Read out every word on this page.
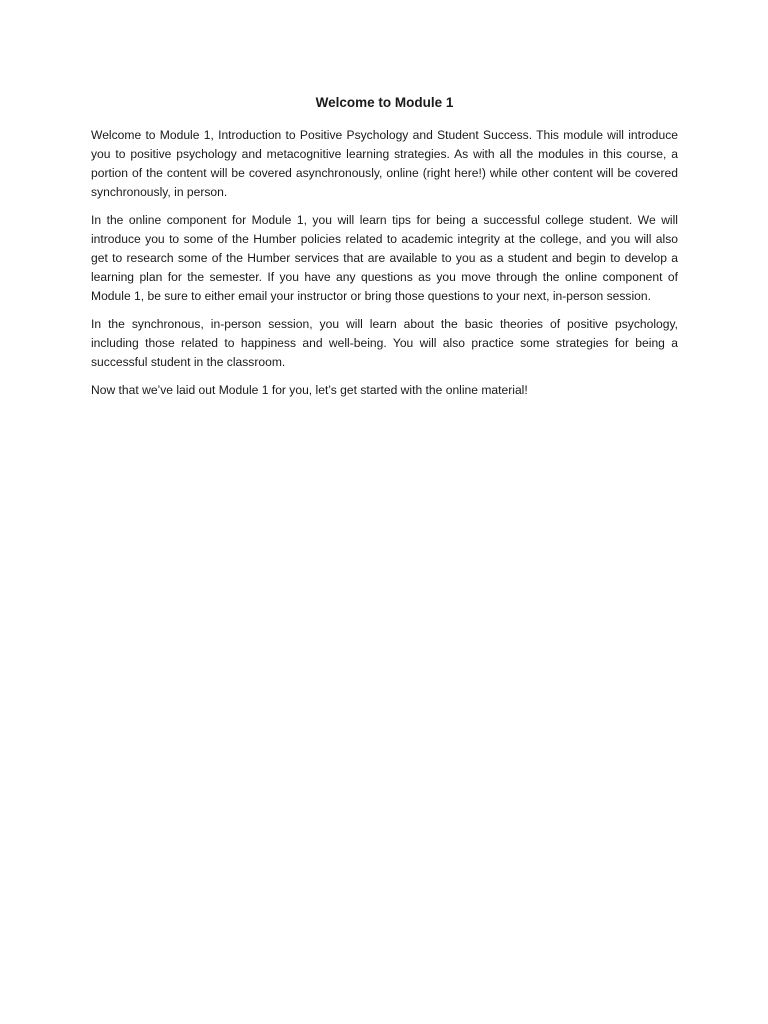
Welcome to Module 1

Welcome to Module 1, Introduction to Positive Psychology and Student Success. This module will introduce you to positive psychology and metacognitive learning strategies. As with all the modules in this course, a portion of the content will be covered asynchronously, online (right here!) while other content will be covered synchronously, in person.

In the online component for Module 1, you will learn tips for being a successful college student. We will introduce you to some of the Humber policies related to academic integrity at the college, and you will also get to research some of the Humber services that are available to you as a student and begin to develop a learning plan for the semester. If you have any questions as you move through the online component of Module 1, be sure to either email your instructor or bring those questions to your next, in-person session.

In the synchronous, in-person session, you will learn about the basic theories of positive psychology, including those related to happiness and well-being. You will also practice some strategies for being a successful student in the classroom.

Now that we’ve laid out Module 1 for you, let’s get started with the online material!
